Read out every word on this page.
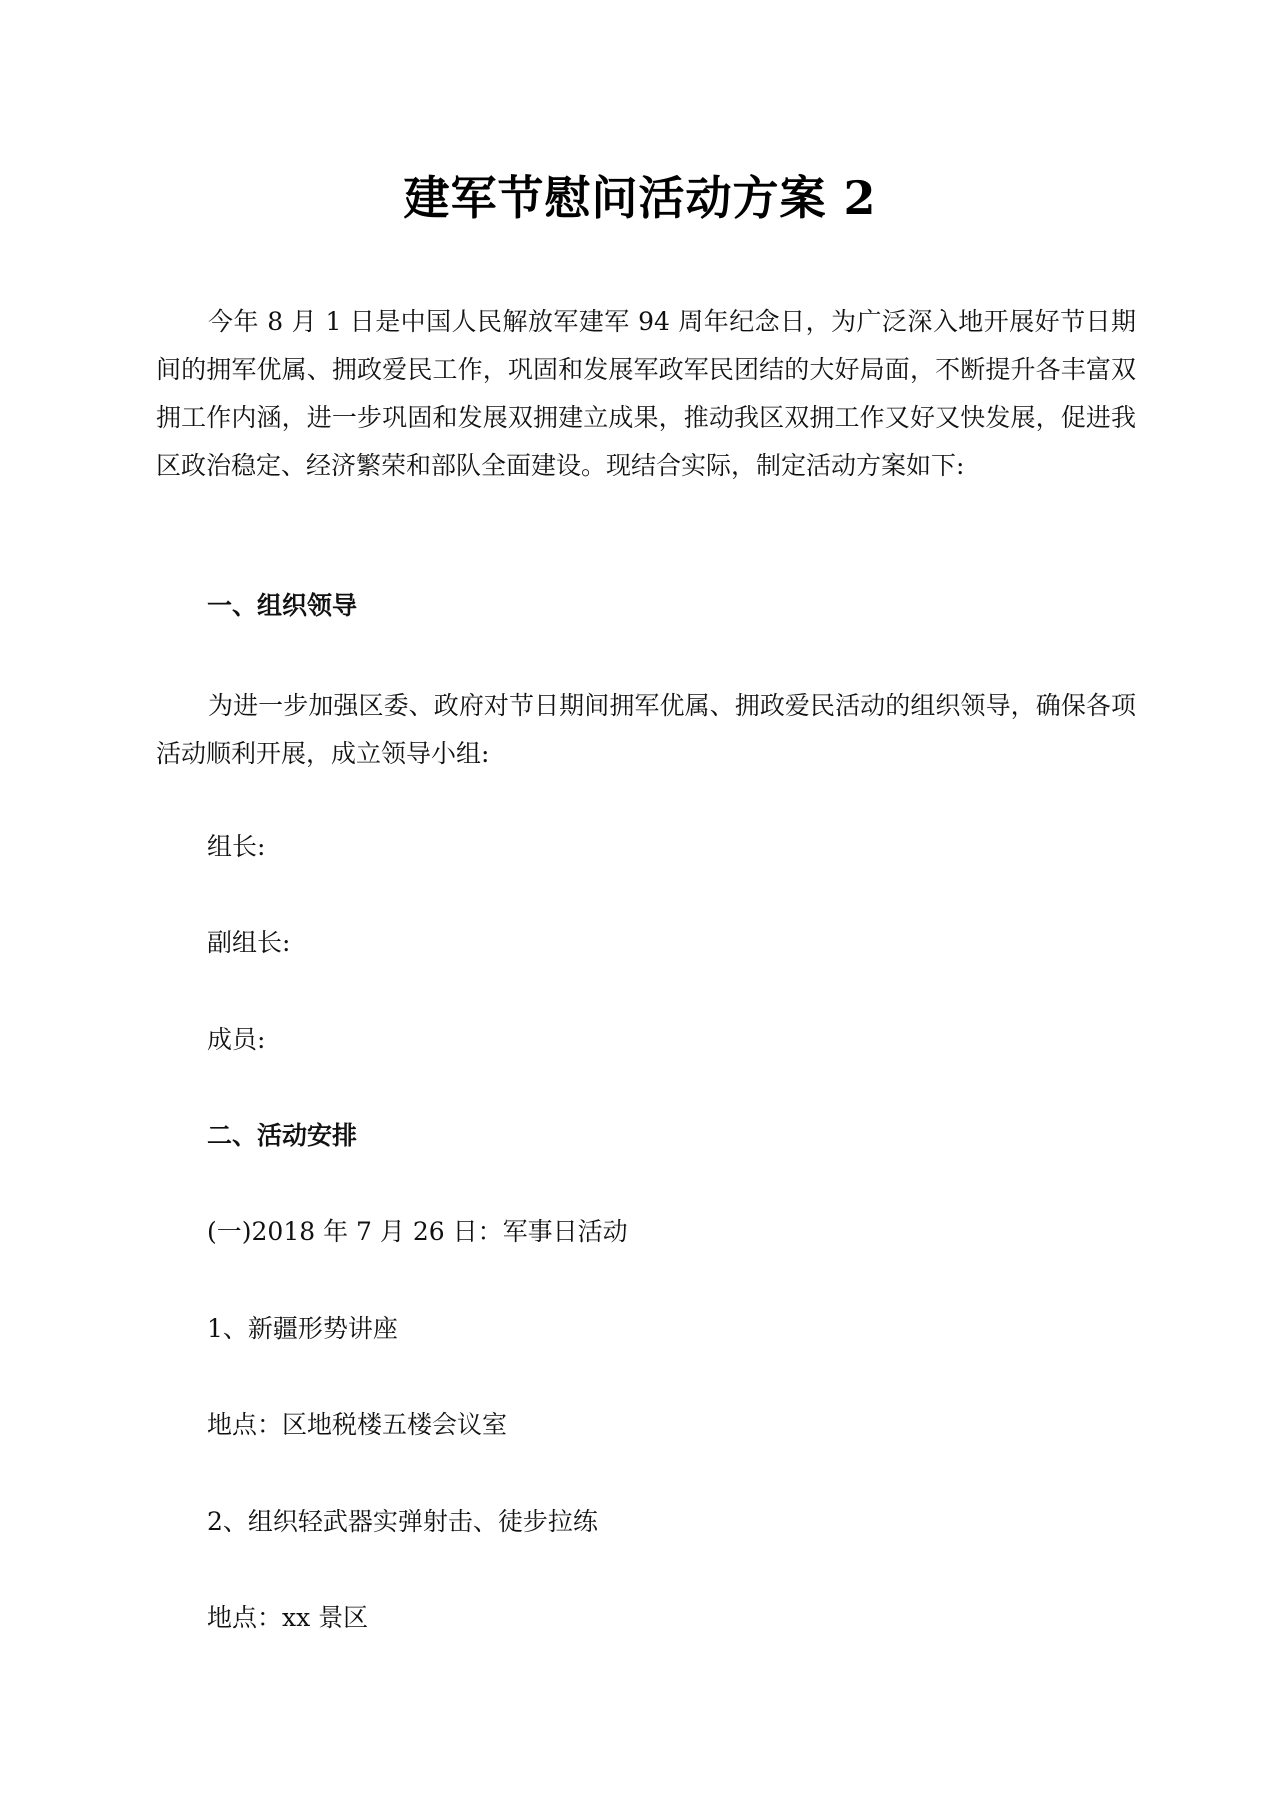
建军节慰问活动方案 2

今年 8 月 1 日是中国人民解放军建军 94 周年纪念日，为广泛深入地开展好节日期间的拥军优属、拥政爱民工作，巩固和发展军政军民团结的大好局面，不断提升各丰富双拥工作内涵，进一步巩固和发展双拥建立成果，推动我区双拥工作又好又快发展，促进我区政治稳定、经济繁荣和部队全面建设。现结合实际，制定活动方案如下:

一、组织领导

为进一步加强区委、政府对节日期间拥军优属、拥政爱民活动的组织领导，确保各项活动顺利开展，成立领导小组:

组长:
副组长:
成员:
二、活动安排
(一)2018 年 7 月 26 日：军事日活动
1、新疆形势讲座
地点：区地税楼五楼会议室
2、组织轻武器实弹射击、徒步拉练
地点：xx 景区
